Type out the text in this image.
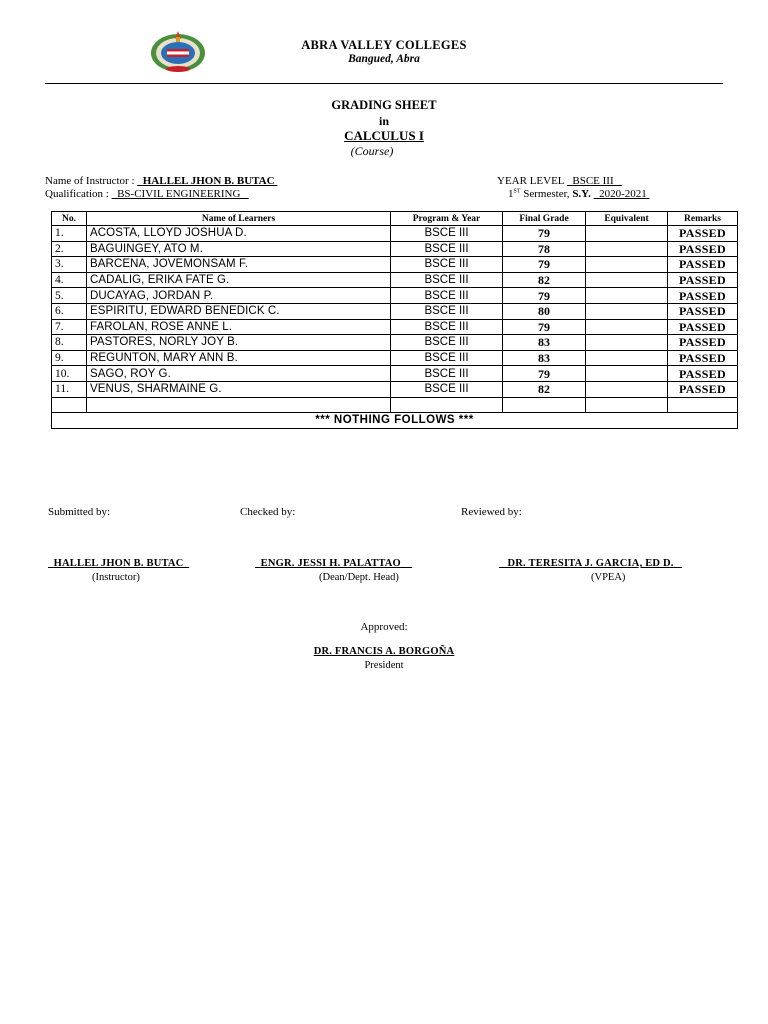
ABRA VALLEY COLLEGES
Bangued, Abra
GRADING SHEET
in
CALCULUS I
(Course)
Name of Instructor : HALLEL JHON B. BUTAC
Qualification : BS-CIVIL ENGINEERING
YEAR LEVEL BSCE III
1ST Sermester, S.Y. 2020-2021
No.	Name of Learners	Program & Year	Final Grade	Equivalent	Remarks
1.	ACOSTA, LLOYD JOSHUA D.	BSCE III	79		PASSED
2.	BAGUINGEY, ATO M.	BSCE III	78		PASSED
3.	BARCENA, JOVEMONSAM F.	BSCE III	79		PASSED
4.	CADALIG, ERIKA FATE G.	BSCE III	82		PASSED
5.	DUCAYAG, JORDAN P.	BSCE III	79		PASSED
6.	ESPIRITU, EDWARD BENEDICK C.	BSCE III	80		PASSED
7.	FAROLAN, ROSE ANNE L.	BSCE III	79		PASSED
8.	PASTORES, NORLY JOY B.	BSCE III	83		PASSED
9.	REGUNTON, MARY ANN B.	BSCE III	83		PASSED
10.	SAGO, ROY G.	BSCE III	79		PASSED
11.	VENUS, SHARMAINE G.	BSCE III	82		PASSED

*** NOTHING FOLLOWS ***					
Submitted by:	Checked by:	Reviewed by:
HALLEL JHON B. BUTAC
(Instructor)
ENGR. JESSI H. PALATTAO
(Dean/Dept. Head)
DR. TERESITA J. GARCIA, ED D.
(VPEA)
Approved:
DR. FRANCIS A. BORGOÑA
President
